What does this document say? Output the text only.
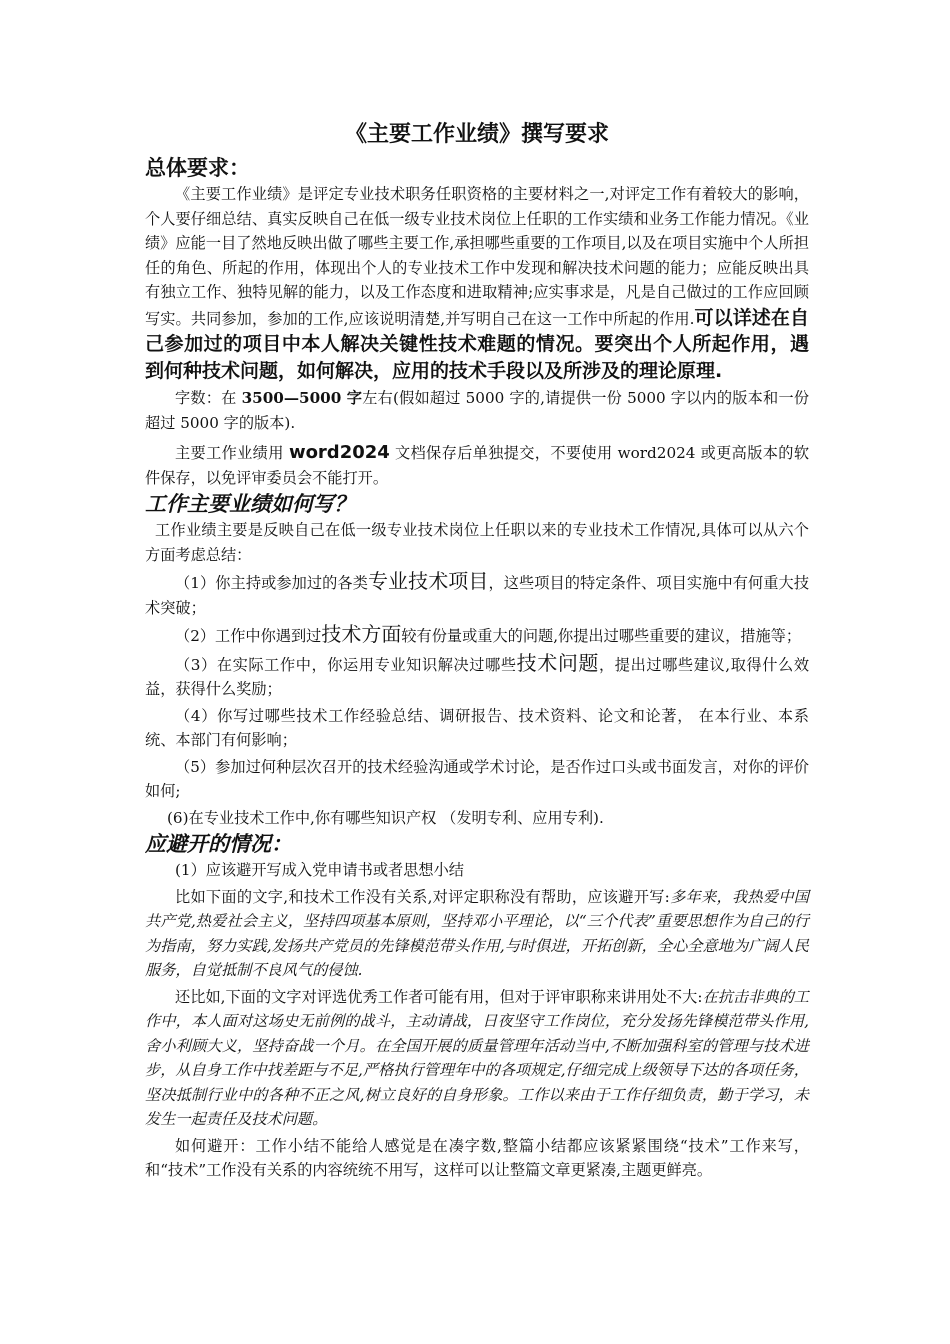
《主要工作业绩》撰写要求
总体要求：

《主要工作业绩》是评定专业技术职务任职资格的主要材料之一,对评定工作有着较大的影响，个人要仔细总结、真实反映自己在低一级专业技术岗位上任职的工作实绩和业务工作能力情况。《业绩》应能一目了然地反映出做了哪些主要工作,承担哪些重要的工作项目,以及在项目实施中个人所担任的角色、所起的作用，体现出个人的专业技术工作中发现和解决技术问题的能力；应能反映出具有独立工作、独特见解的能力，以及工作态度和进取精神;应实事求是，凡是自己做过的工作应回顾写实。共同参加，参加的工作,应该说明清楚,并写明自己在这一工作中所起的作用.可以详述在自己参加过的项目中本人解决关键性技术难题的情况。要突出个人所起作用，遇到何种技术问题，如何解决，应用的技术手段以及所涉及的理论原理.

字数：在 3500—5000 字左右(假如超过 5000 字的,请提供一份 5000 字以内的版本和一份超过 5000 字的版本).

主要工作业绩用 word2024 文档保存后单独提交，不要使用 word2024 或更高版本的软件保存，以免评审委员会不能打开。

工作主要业绩如何写？

工作业绩主要是反映自己在低一级专业技术岗位上任职以来的专业技术工作情况,具体可以从六个方面考虑总结：

（1）你主持或参加过的各类专业技术项目，这些项目的特定条件、项目实施中有何重大技术突破；

（2）工作中你遇到过技术方面较有份量或重大的问题,你提出过哪些重要的建议，措施等；

（3）在实际工作中，你运用专业知识解决过哪些技术问题，提出过哪些建议,取得什么效益，获得什么奖励；

（4）你写过哪些技术工作经验总结、调研报告、技术资料、论文和论著， 在本行业、本系统、本部门有何影响；

（5）参加过何种层次召开的技术经验沟通或学术讨论，是否作过口头或书面发言，对你的评价如何;

(6)在专业技术工作中,你有哪些知识产权 （发明专利、应用专利).

应避开的情况：

(1）应该避开写成入党申请书或者思想小结

比如下面的文字,和技术工作没有关系,对评定职称没有帮助，应该避开写:多年来，我热爱中国共产党,热爱社会主义，坚持四项基本原则，坚持邓小平理论，以“三个代表”重要思想作为自己的行为指南，努力实践,发扬共产党员的先锋模范带头作用,与时俱进，开拓创新，全心全意地为广阔人民服务，自觉抵制不良风气的侵蚀.

还比如,下面的文字对评选优秀工作者可能有用，但对于评审职称来讲用处不大:在抗击非典的工作中，本人面对这场史无前例的战斗，主动请战，日夜坚守工作岗位，充分发扬先锋模范带头作用,舍小利顾大义，坚持奋战一个月。在全国开展的质量管理年活动当中,不断加强科室的管理与技术进步，从自身工作中找差距与不足,严格执行管理年中的各项规定,仔细完成上级领导下达的各项任务，坚决抵制行业中的各种不正之风,树立良好的自身形象。工作以来由于工作仔细负责，勤于学习，未发生一起责任及技术问题。

如何避开：工作小结不能给人感觉是在凑字数,整篇小结都应该紧紧围绕“技术”工作来写，和“技术”工作没有关系的内容统统不用写，这样可以让整篇文章更紧凑,主题更鲜亮。
